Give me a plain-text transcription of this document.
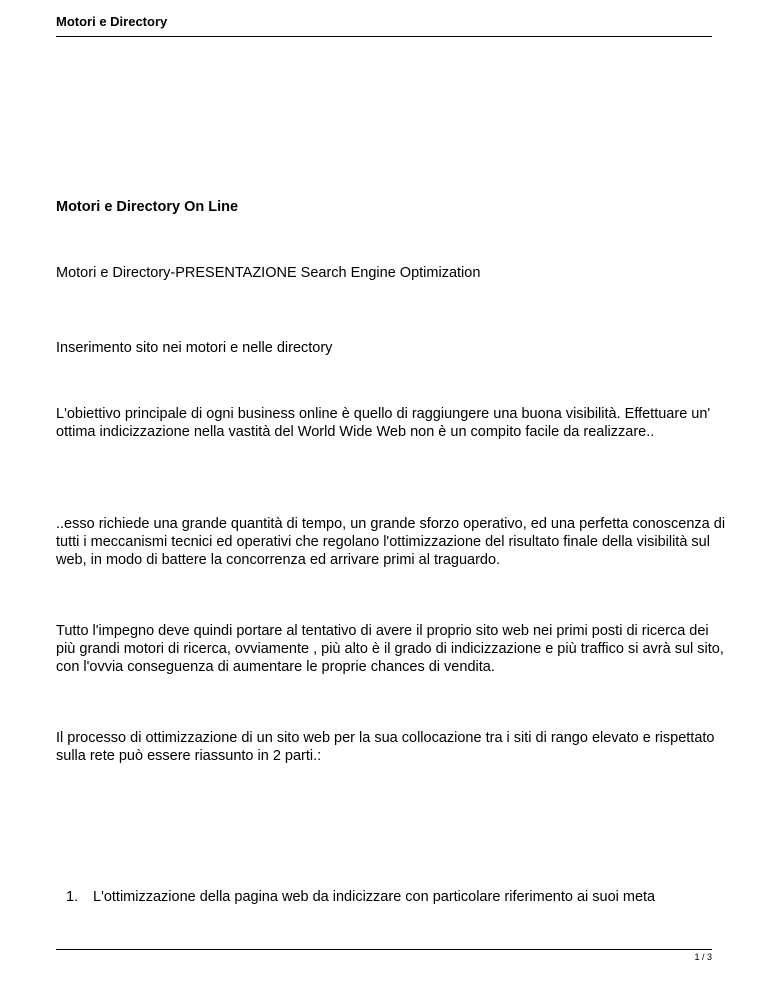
Motori e Directory
Motori e Directory On Line

Motori e Directory-PRESENTAZIONE Search Engine Optimization

Inserimento sito nei motori e nelle directory

L'obiettivo principale di ogni business online è quello di raggiungere una buona visibilità. Effettuare un' ottima indicizzazione nella vastità del World Wide Web non è un compito facile da realizzare..

..esso richiede una grande quantità di tempo, un grande sforzo operativo, ed una perfetta conoscenza di tutti i meccanismi tecnici ed operativi che regolano l'ottimizzazione del risultato finale della visibilità sul web, in modo di battere la concorrenza ed arrivare primi al traguardo.

Tutto l'impegno deve quindi portare al tentativo di avere il proprio sito web nei primi posti di ricerca dei più grandi motori di ricerca, ovviamente , più alto è il grado di indicizzazione e più traffico si avrà sul sito, con l'ovvia conseguenza di aumentare le proprie chances di vendita.

Il processo di ottimizzazione di un sito web per la sua collocazione tra i siti di rango elevato e rispettato sulla rete può essere riassunto in 2 parti.:

1. L'ottimizzazione della pagina web da indicizzare con particolare riferimento ai suoi meta
1 / 3
